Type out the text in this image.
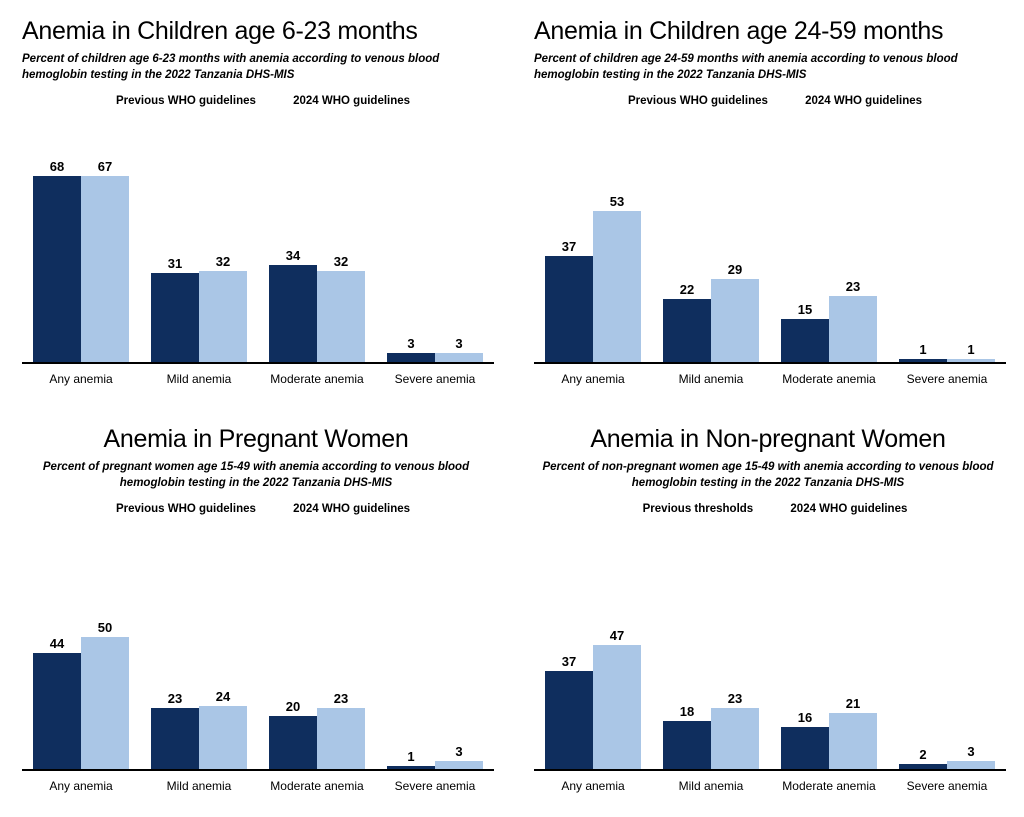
Anemia in Children age 6-23 months
Percent of children age 6-23 months with anemia according to venous blood hemoglobin testing in the 2022 Tanzania DHS-MIS
Previous WHO guidelines	2024 WHO guidelines
68	67
31	32	34	32
3	3
Any anemia	Mild anemia	Moderate anemia	Severe anemia
Anemia in Children age 24-59 months
Percent of children age 24-59 months with anemia according to venous blood hemoglobin testing in the 2022 Tanzania DHS-MIS
Previous WHO guidelines	2024 WHO guidelines
37
53
22
29
15
23
1	1
Any anemia	Mild anemia	Moderate anemia	Severe anemia
Anemia in Pregnant Women
Percent of pregnant women age 15-49 with anemia according to venous blood hemoglobin testing in the 2022 Tanzania DHS-MIS
Previous WHO guidelines	2024 WHO guidelines
44
50
23	24
20
23
1	3
Any anemia	Mild anemia	Moderate anemia	Severe anemia
Anemia in Non-pregnant Women
Percent of non-pregnant women age 15-49 with anemia according to venous blood hemoglobin testing in the 2022 Tanzania DHS-MIS
Previous thresholds	2024 WHO guidelines
37
47
18
23
16
21
2	3
Any anemia	Mild anemia	Moderate anemia	Severe anemia
